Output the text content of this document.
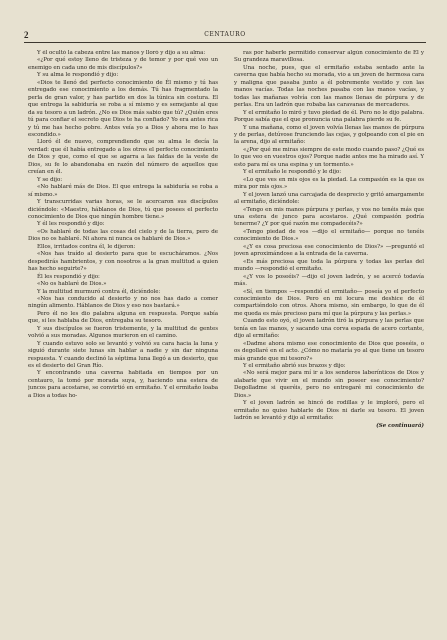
2	CENTAURO

Y él ocultó la cabeza entre las manos y lloró y dijo a su alma:

«¿Por qué estoy lleno de tristeza y de temor y por qué veo un enemigo en cada uno de mis discípulos?»

Y su alma le respondió y dijo:

«Dios te llenó del perfecto conocimiento de Él mismo y tú has entregado ese conocimiento a los demás. Tú has fragmentado la perla de gran valor, y has partido en dos la túnica sin costura. El que entrega la sabiduría se roba a sí mismo y es semejante al que da su tesoro a un ladrón. ¿No es Dios más sabio que tú? ¿Quién eres tú para confiar el secreto que Dios te ha confiado? Yo era antes rica y tú me has hecho pobre. Antes veía yo a Dios y ahora me lo has escondido.»

Lloró él de nuevo, comprendiendo que su alma le decía la verdad: que él había entregado a los otros el perfecto conocimiento de Dios y que, como el que se agarra a las faldas de la veste de Dios, su fe lo abandonaba en razón del número de aquellos que creían en él.

Y se dijo:

«No hablaré más de Dios. El que entrega la sabiduría se roba a sí mismo.»

Y transcurridas varias horas, se le acercaron sus discípulos diciéndole: «Maestro, háblanos de Dios, tú que posees el perfecto conocimiento de Dios que ningún hombre tiene.»

Y él les respondió y dijo:

«Os hablaré de todas las cosas del cielo y de la tierra, pero de Dios no os hablaré. Ni ahora ni nunca os hablaré de Dios.»

Ellos, irritados contra él, le dijeron:

«Nos has traído al desierto para que te escucháramos. ¿Nos despedirás hambrientos, y con nosotros a la gran multitud a quien has hecho seguirte?»

Él les respondió y dijo:

«No os hablaré de Dios.»

Y la multitud murmuró contra él, diciéndole:

«Nos has conducido al desierto y no nos has dado a comer ningún alimento. Háblanos de Dios y eso nos bastará.»

Pero él no les dio palabra alguna en respuesta. Porque sabía que, si les hablaba de Dios, entregaba su tesoro.

Y sus discípulos se fueron tristemente, y la multitud de gentes volvió a sus moradas. Algunos murieron en el camino.

Y cuando estuvo solo se levantó y volvió su cara hacia la luna y siguió durante siete lunas sin hablar a nadie y sin dar ninguna respuesta. Y cuando declinó la séptima luna llegó a un desierto, que es el desierto del Gran Río.

Y encontrando una caverna habitada en tiempos por un centauro, la tomó por morada suya, y, haciendo una estera de juncos para acostarse, se convirtió en ermitaño. Y el ermitaño loaba a Dios a todas ho-

ras por haberle permitido conservar algún conocimiento de Él y Su grandeza maravillosa.

Una noche, pues, que el ermitaño estaba sentado ante la caverna que había hecho su morada, vio a un joven de hermosa cara y maligna que pasaba junto a él pobremente vestido y con las manos vacías. Todas las noches pasaba con las manos vacías, y todas las mañanas volvía con las manos llenas de púrpura y de perlas. Era un ladrón que robaba las caravanas de mercaderes.

Y el ermitaño lo miró y tuvo piedad de él. Pero no le dijo palabra. Porque sabía que el que pronuncia una palabra pierde su fe.

Y una mañana, como el joven volvía llenas las manos de púrpura y de perlas, detúvose frunciendo las cejas, y golpeando con el pie en la arena, dijo al ermitaño:

«¿Por qué me miras siempre de este modo cuando paso? ¿Qué es lo que veo en vuestros ojos? Porque nadie antes me ha mirado así. Y esto para mí es una espina y un tormento.»

Y el ermitaño le respondió y le dijo:

«Lo que ves en mis ojos es la piedad. La compasión es la que os mira por mis ojos.»

Y el joven lanzó una carcajada de desprecio y gritó amargamente al ermitaño, diciéndole:

«Tengo en mis manos púrpura y perlas, y vos no tenéis más que una estera de junco para acostaros. ¿Qué compasión podría tenerme? ¿Y por qué razón me compadecéis?»

«Tengo piedad de vos —dijo el ermitaño— porque no tenéis conocimiento de Dios.»

«¿Y es cosa preciosa ese conocimiento de Dios?» —preguntó el joven aproximándose a la entrada de la caverna.

«Es más preciosa que toda la púrpura y todas las perlas del mundo —respondió el ermitaño.

«¿Y vos lo poseéis? —dijo el joven ladrón, y se acercó todavía más.

«Sí, en tiempos —respondió el ermitaño— poseía yo el perfecto conocimiento de Dios. Pero en mi locura me deshice de él compartiéndolo con otros. Ahora mismo, sin embargo, lo que de él me queda es más precioso para mí que la púrpura y las perlas.»

Cuando esto oyó, el joven ladrón tiró la púrpura y las perlas que tenía en las manos, y sacando una corva espada de acero cortante, dijo al ermitaño:

«Dadme ahora mismo ese conocimiento de Dios que poseéis, o os degollaré en el acto. ¿Cómo no mataría yo al que tiene un tesoro más grande que mi tesoro?»

Y el ermitaño abrió sus brazos y dijo:

«No será mejor para mí ir a los senderos laberínticos de Dios y alabarle que vivir en el mundo sin poseer ese conocimiento? Degolladme si queréis, pero no entregaré mi conocimiento de Dios.»

Y el joven ladrón se hincó de rodillas y le imploró, pero el ermitaño no quiso hablarle de Dios ni darle su tesoro. El joven ladrón se levantó y dijo al ermitaño:

(Se continuará)
